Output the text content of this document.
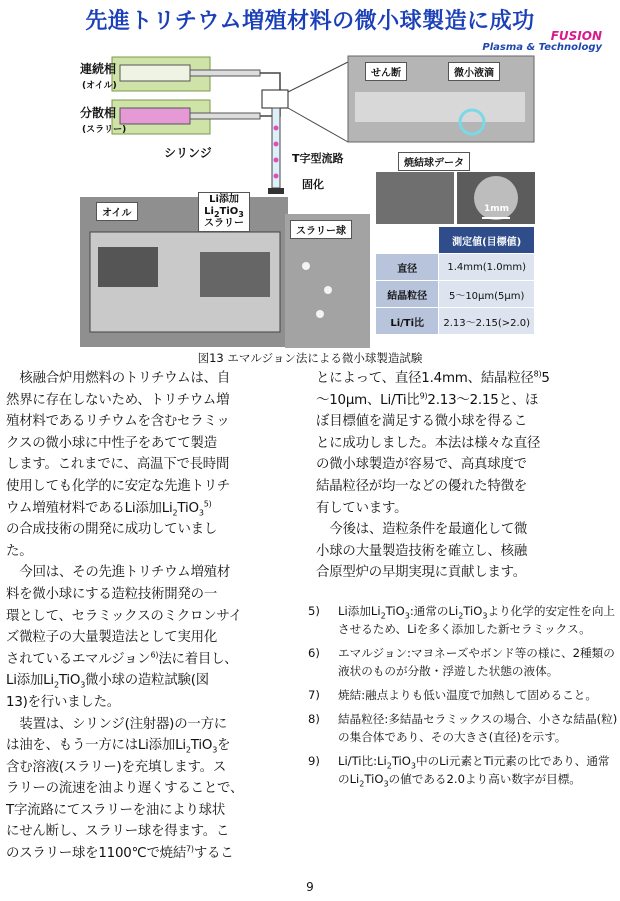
先進トリチウム増殖材料の微小球製造に成功
FUSION
Plasma & Technology
連続相
(オイル)
分散相
(スラリー)
シリンジ	T字型流路
固化
せん断	微小液滴
焼結球データ
オイル
Li添加
$Li_2TiO_3$
スラリー
スラリー球
1mm
	測定値(目標値)
直径	1.4mm(1.0mm)
結晶粒径	5〜10μm(5μm)
Li/Ti比	2.13〜2.15(>2.0)
図13 エマルジョン法による微小球製造試験
核融合炉用燃料のトリチウムは、自
然界に存在しないため、トリチウム増
殖材料であるリチウムを含むセラミッ
クスの微小球に中性子をあてて製造
します。これまでに、高温下で長時間
使用しても化学的に安定な先進トリチ
ウム増殖材料であるLi添加$Li_2TiO_3^{5)}$
の合成技術の開発に成功していまし
た。
今回は、その先進トリチウム増殖材
料を微小球にする造粒技術開発の一
環として、セラミックスのミクロンサイ
ズ微粒子の大量製造法として実用化
されているエマルジョン$^{6)}$法に着目し、
Li添加$Li_2TiO_3$微小球の造粒試験(図
13)を行いました。
装置は、シリンジ(注射器)の一方に
は油を、もう一方にはLi添加$Li_2TiO_3$を
含む溶液(スラリー)を充填します。ス
ラリーの流速を油より遅くすることで、
T字流路にてスラリーを油により球状
にせん断し、スラリー球を得ます。こ
のスラリー球を1100℃で焼結$^{7)}$するこ
とによって、直径1.4mm、結晶粒径$^{8)}$5
〜10μm、Li/Ti比$^{9)}$2.13〜2.15と、ほ
ぼ目標値を満足する微小球を得るこ
とに成功しました。本法は様々な直径
の微小球製造が容易で、高真球度で
結晶粒径が均一などの優れた特徴を
有しています。
今後は、造粒条件を最適化して微
小球の大量製造技術を確立し、核融
合原型炉の早期実現に貢献します。
5) Li添加$Li_2TiO_3$:通常の$Li_2TiO_3$より化学的安定性を向上させるため、Liを多く添加した新セラミックス。
6) エマルジョン:マヨネーズやボンド等の様に、2種類の液状のものが分散・浮遊した状態の液体。
7) 焼結:融点よりも低い温度で加熱して固めること。
8) 結晶粒径:多結晶セラミックスの場合、小さな結晶(粒)の集合体であり、その大きさ(直径)を示す。
9) Li/Ti比$:Li_2TiO_3$中のLi元素とTi元素の比であり、通常の$Li_2TiO_3$の値である2.0より高い数字が目標。
9
